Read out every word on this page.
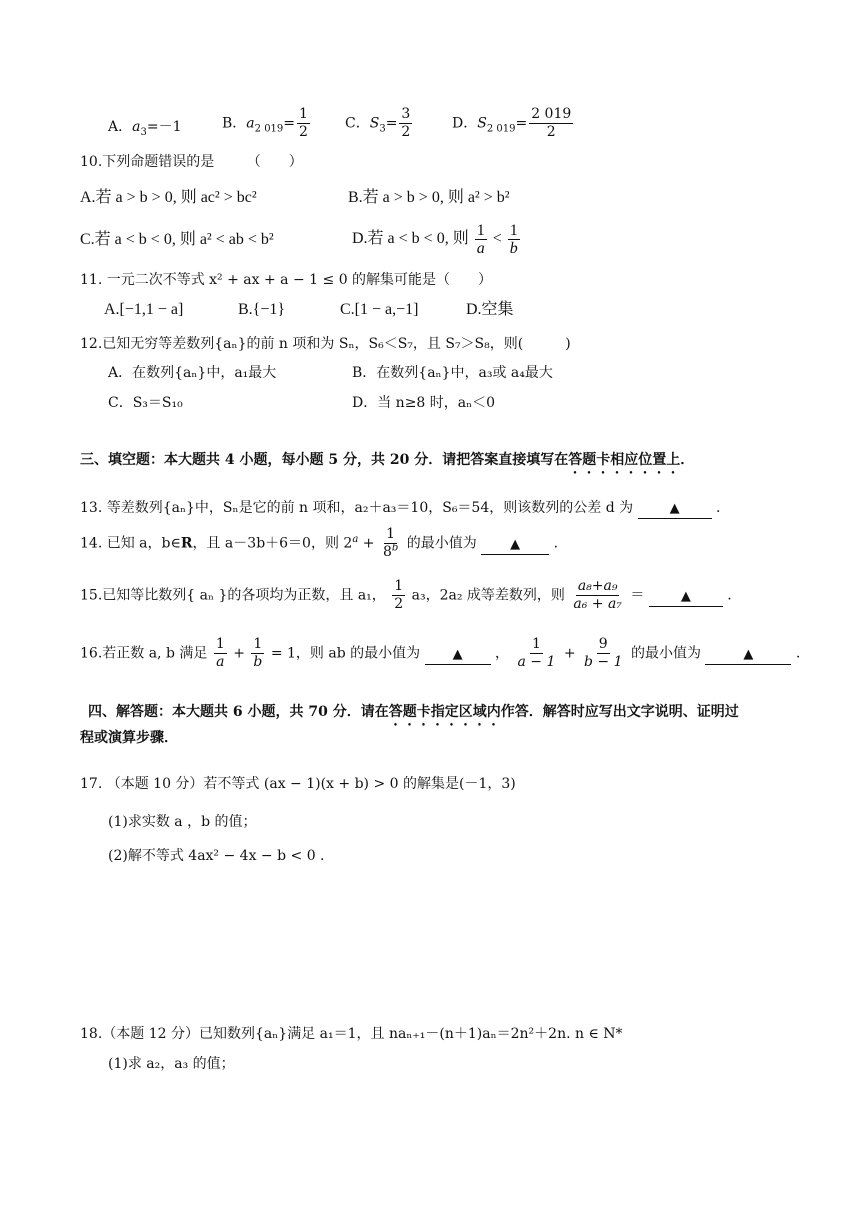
A．$a_3=-1$	B．$a_{2 019}= \frac{1}{2}$	C．$S_3= \frac{3}{2}$	D．$S_{2 019}= \frac{2 019}{2}$
10.下列命题错误的是 （　　）
A.若 a > b > 0, 则 ac² > bc²	B.若 a > b > 0, 则 a² > b²
C.若 a < b < 0, 则 a² < ab < b²	D.若 a < b < 0, 则 $\frac{1}{a} < \frac{1}{b}$
11. 一元二次不等式 x² + ax + a − 1 ≤ 0 的解集可能是（　　）
A.[−1,1 − a]	B.{−1}	C.[1 − a,−1]	D.空集
12.已知无穷等差数列{aₙ}的前 n 项和为 Sₙ，S₆＜S₇，且 S₇＞S₈，则(　　　)
A．在数列{aₙ}中，a₁最大	B．在数列{aₙ}中，a₃或 a₄最大
C．S₃＝S₁₀	D．当 n≥8 时，aₙ＜0
三、填空题：本大题共 4 小题，每小题 5 分，共 20 分．请把答案直接填写在答题卡相应位置上．
13. 等差数列{aₙ}中，Sₙ是它的前 n 项和，a₂＋a₃＝10，S₆＝54，则该数列的公差 d 为	▲	.
14. 已知 a，b∈R，且 a－3b＋6＝0，则 $2^a + \frac{1}{8^b}$ 的最小值为	▲ .
15.已知等比数列{ aₙ }的各项均为正数，且 a₁， $\frac{1}{2} a_3$，2a₂ 成等差数列，则 $\frac{\text{a₈+a₉}}{\text{a₆ + a₇}}$ ＝	▲	.
16.若正数 a, b 满足 $\frac{1}{a} + \frac{1}{b} = 1$，则 ab 的最小值为 ▲ ， $\frac{1}{a - 1} + \frac{9}{b - 1}$ 的最小值为	▲	.
四、解答题：本大题共 6 小题，共 70 分．请在答题卡指定区域内作答．解答时应写出文字说明、证明过
程或演算步骤．
17. （本题 10 分）若不等式 (ax − 1)(x + b) > 0 的解集是(－1，3)
(1)求实数 a ，b 的值；
(2)解不等式 4ax² − 4x − b < 0 .
18.（本题 12 分）已知数列{aₙ}满足 a₁＝1，且 naₙ₊₁－(n＋1)aₙ＝2n²＋2n. n ∈ N*
(1)求 a₂，a₃ 的值；
